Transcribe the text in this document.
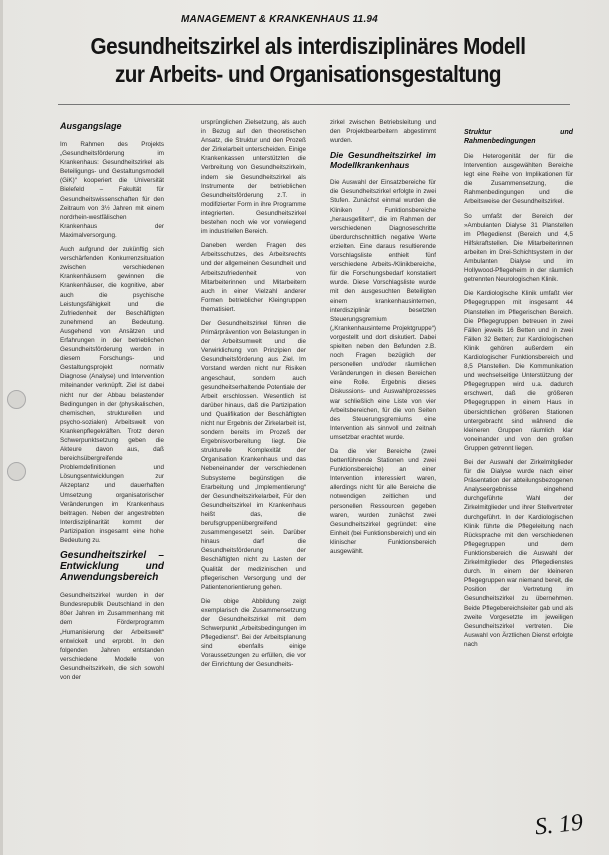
MANAGEMENT & KRANKENHAUS 11.94
Gesundheitszirkel als interdisziplinäres Modell
zur Arbeits- und Organisationsgestaltung
Ausgangslage

Im Rahmen des Projekts „Gesundheitsförderung im Krankenhaus: Gesundheitszirkel als Beteiligungs- und Gestaltungsmodell (GiK)“ kooperiert die Universität Bielefeld – Fakultät für Gesundheitswissenschaften für den Zeitraum von 3½ Jahren mit einem nordrhein-westfälischen Krankenhaus der Maximalversorgung.

Auch aufgrund der zukünftig sich verschärfenden Konkurrenzsituation zwischen verschiedenen Krankenhäusern gewinnen die Krankenhäuser, die kognitive, aber auch die psychische Leistungsfähigkeit und die Zufriedenheit der Beschäftigten zunehmend an Bedeutung. Ausgehend von Ansätzen und Erfahrungen in der betrieblichen Gesundheitsförderung werden in diesem Forschungs- und Gestaltungsprojekt normativ Diagnose (Analyse) und Intervention miteinander verknüpft. Ziel ist dabei nicht nur der Abbau belastender Bedingungen in der (physikalischen, chemischen, strukturellen und psycho-sozialen) Arbeitswelt von Krankenpflegekräften. Trotz deren Schwerpunktsetzung geben die Akteure davon aus, daß bereichsübergreifende Problemdefinitionen und Lösungsentwicklungen zur Akzeptanz und dauerhaften Umsetzung organisatorischer Veränderungen im Krankenhaus beitragen. Neben der angestrebten Interdisziplinarität kommt der Partizipation insgesamt eine hohe Bedeutung zu.

Gesundheitszirkel – Entwicklung und Anwendungsbereich

Gesundheitszirkel wurden in der Bundesrepublik Deutschland in den 80er Jahren im Zusammenhang mit dem Förderprogramm „Humanisierung der Arbeitswelt“ entwickelt und erprobt. In den folgenden Jahren entstanden verschiedene Modelle von Gesundheitszirkeln, die sich sowohl von der

ursprünglichen Zielsetzung, als auch in Bezug auf den theoretischen Ansatz, die Struktur und den Prozeß der Zirkelarbeit unterscheiden. Einige Krankenkassen unterstützten die Verbreitung von Gesundheitszirkeln, indem sie Gesundheitszirkel als Instrumente der betrieblichen Gesundheitsförderung z.T. in modifizierter Form in ihre Programme integrierten. Gesundheitszirkel bestehen noch wie vor vorwiegend im industriellen Bereich.

Daneben werden Fragen des Arbeitsschutzes, des Arbeitsrechts und der allgemeinen Gesundheit und Arbeitszufriedenheit von Mitarbeiterinnen und Mitarbeitern auch in einer Vielzahl anderer Formen betrieblicher Kleingruppen thematisiert.

Der Gesundheitszirkel führen die Primärprävention von Belastungen in der Arbeitsumwelt und die Verwirklichung von Prinzipien der Gesundheitsförderung aus Ziel. Im Vorstand werden nicht nur Risiken angeschaut, sondern auch gesundheitserhaltende Potentiale der Arbeit erschlossen. Wesentlich ist darüber hinaus, daß die Partizipation und Qualifikation der Beschäftigten nicht nur Ergebnis der Zirkelarbeit ist, sondern bereits im Prozeß der Ergebnisvorbereitung liegt. Die strukturelle Komplexität der Organisation Krankenhaus und das Nebeneinander der verschiedenen Subsysteme begünstigen die Erarbeitung und „Implementierung“ der Gesundheitszirkelarbeit, Für den Gesundheitszirkel im Krankenhaus heißt das, die berufsgruppenübergreifend zusammengesetzt sein. Darüber hinaus darf die Gesundheitsförderung der Beschäftigten nicht zu Lasten der Qualität der medizinischen und pflegerischen Versorgung und der Patientenorientierung gehen.

Die obige Abbildung zeigt exemplarisch die Zusammensetzung der Gesundheitszirkel mit dem Schwerpunkt „Arbeitsbedingungen im Pflegedienst“. Bei der Arbeitsplanung sind ebenfalls einige Voraussetzungen zu erfüllen, die vor der Einrichtung der Gesundheits-

zirkel zwischen Betriebsleitung und den Projektbearbeitern abgestimmt wurden.

Die Gesundheitszirkel im Modellkrankenhaus

Die Auswahl der Einsatzbereiche für die Gesundheitszirkel erfolgte in zwei Stufen. Zunächst einmal wurden die Kliniken / Funktionsbereiche „herausgefiltert“, die im Rahmen der verschiedenen Diagnoseschritte überdurchschnittlich negative Werte erzielten. Eine daraus resultierende Vorschlagsliste enthielt fünf verschiedene Arbeits-/Klinikbereiche, für die Forschungsbedarf konstatiert wurde. Diese Vorschlagsliste wurde mit den ausgesuchten Beteiligten einem krankenhausinternen, interdisziplinär besetzten Steuerungsgremium („Krankenhausinterne Projektgruppe“) vorgestellt und dort diskutiert. Dabei spielten neben den Befunden z.B. noch Fragen bezüglich der personellen und/oder räumlichen Veränderungen in diesen Bereichen eine Rolle. Ergebnis dieses Diskussions- und Auswahlprozesses war schließlich eine Liste von vier Arbeitsbereichen, für die von Seiten des Steuerungsgremiums eine Intervention als sinnvoll und zeitnah umsetzbar erachtet wurde.

Da die vier Bereiche (zwei bettenführende Stationen und zwei Funktionsbereiche) an einer Intervention interessiert waren, allerdings nicht für alle Bereiche die notwendigen zeitlichen und personellen Ressourcen gegeben waren, wurden zunächst zwei Gesundheitszirkel gegründet: eine Einheit (bei Funktionsbereich) und ein klinischer Funktionsbereich ausgewählt.

Struktur und Rahmenbedingungen

Die Heterogenität der für die Intervention ausgewählten Bereiche legt eine Reihe von Implikationen für die Zusammensetzung, die Rahmenbedingungen und die Arbeitsweise der Gesundheitszirkel.

So umfaßt der Bereich der »Ambulanten Dialyse 31 Planstellen im Pflegedienst (Bereich und 4,5 Hilfskraftstellen. Die Mitarbeiterinnen arbeiten im Drei-Schichtsystem in der Ambulanten Dialyse und im Hollywood-Pflegeheim in der räumlich getrennten Neurologischen Klinik.

Die Kardiologische Klinik umfaßt vier Pflegegruppen mit insgesamt 44 Planstellen im Pflegerischen Bereich. Die Pflegegruppen betreuen in zwei Fällen jeweils 16 Betten und in zwei Fällen 32 Betten; zur Kardiologischen Klinik gehören außerdem ein Kardiologischer Funktionsbereich und 8,5 Planstellen. Die Kommunikation und wechselseitige Unterstützung der Pflegegruppen wird u.a. dadurch erschwert, daß die größeren Pflegegruppen in einem Haus in übersichtlichen größeren Stationen untergebracht sind während die kleineren Gruppen räumlich klar voneinander und von den großen Gruppen getrennt liegen.

Bei der Auswahl der Zirkelmitglieder für die Dialyse wurde nach einer Präsentation der abteilungsbezogenen Analyseergebnisse eingehend durchgeführte Wahl der Zirkelmitglieder und ihrer Stellvertreter durchgeführt. In der Kardiologischen Klinik führte die Pflegeleitung nach Rücksprache mit den verschiedenen Pflegegruppen und dem Funktionsbereich die Auswahl der Zirkelmitglieder des Pflegedienstes durch. In einem der kleineren Pflegegruppen war niemand bereit, die Position der Vertretung im Gesundheitszirkel zu übernehmen. Beide Pflegebereichsleiter gab und als zweite Vorgesetzte im jeweiligen Gesundheitszirkel vertreten. Die Auswahl von Ärztlichen Dienst erfolgte nach

S. 19
